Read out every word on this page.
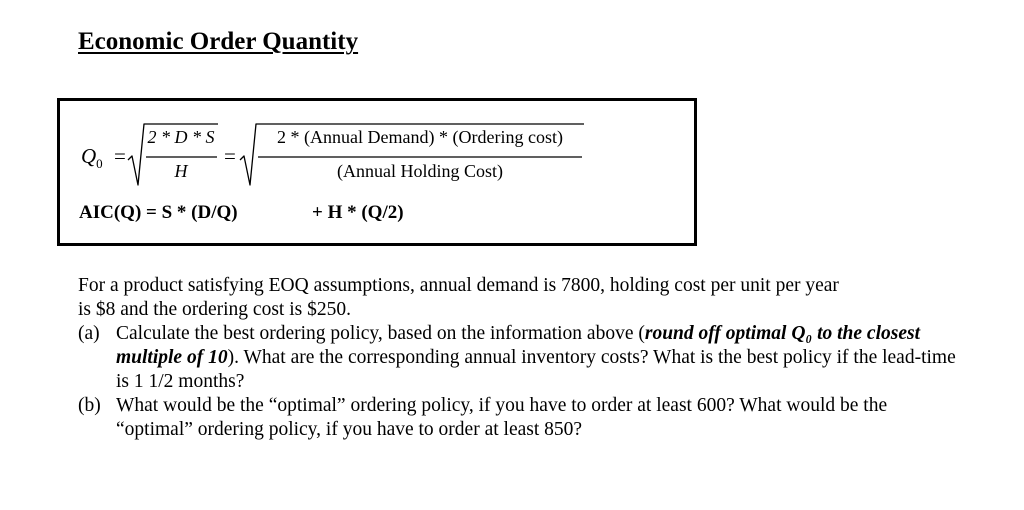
Economic Order Quantity
$Q_0$ =	=
2 * D * S
H
2 * (Annual Demand) * (Ordering cost)
(Annual Holding Cost)
AIC(Q) = S * (D/Q)	+ H * (Q/2)
For a product satisfying EOQ assumptions, annual demand is 7800, holding cost per unit per year
is $8 and the ordering cost is $250.
(a) Calculate the best ordering policy, based on the information above (round off optimal Q₀ to the closest multiple of 10). What are the corresponding annual inventory costs? What is the best policy if the lead-time is 1 1/2 months?
(b) What would be the “optimal” ordering policy, if you have to order at least 600? What would be the “optimal” ordering policy, if you have to order at least 850?
